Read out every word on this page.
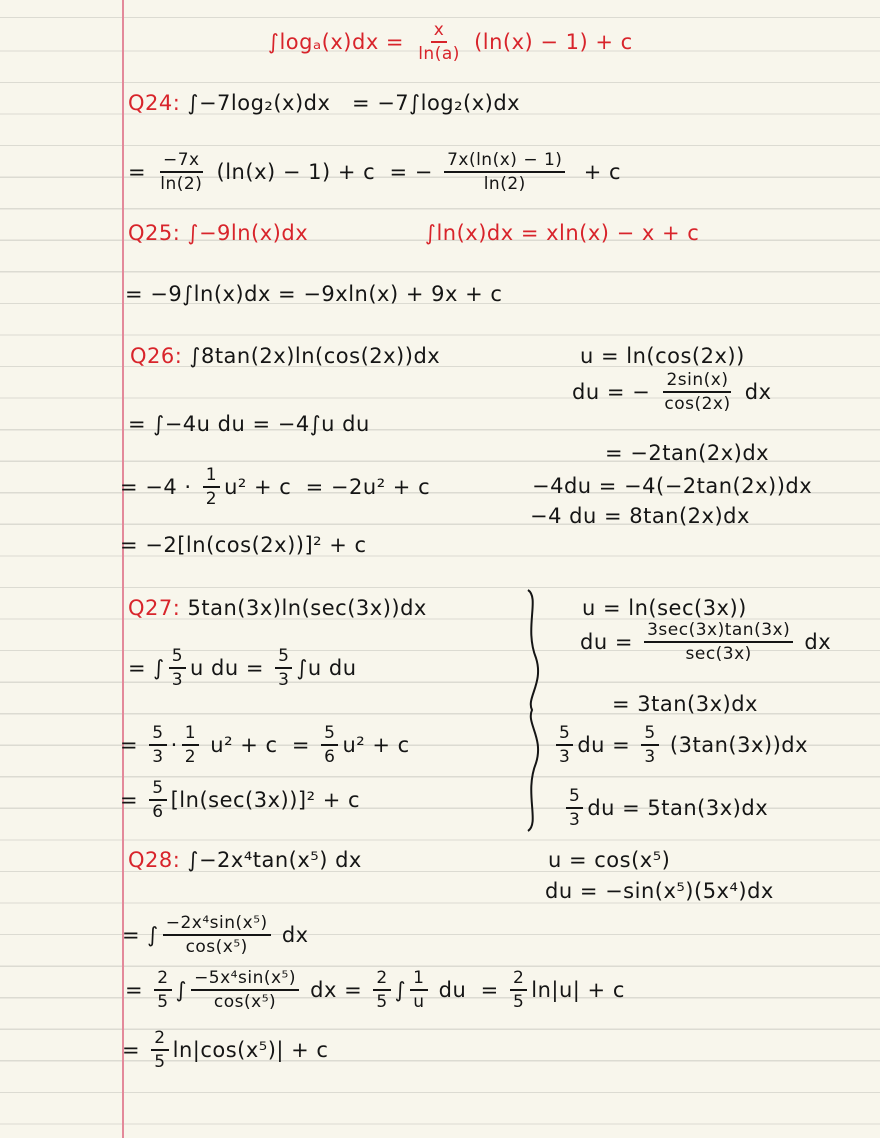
$\int\log_a(x)dx = \frac{x}{\ln(a)} (\ln(x) - 1) + c$
Q24: ∫−7log₂(x)dx   = −7∫log₂(x)dx
= $\frac{-7x}{\ln(2)} (\ln(x) - 1) + c$  = − $\frac{7x(\ln(x) - 1)}{\ln(2)} + c$
Q25: ∫−9ln(x)dx	∫ln(x)dx = xln(x) − x + c
= −9∫ln(x)dx = −9xln(x) + 9x + c
Q26: ∫8tan(2x)ln(cos(2x))dx	u = ln(cos(2x))
du = − $\frac{2\sin(x)}{\cos(2x)}$ dx
= ∫−4u du = −4∫u du
= −2tan(2x)dx
= $-4 \cdot \frac{1}{2} u^2 + c = -2u^2 + c$	−4du = −4(−2tan(2x))dx
−4 du = 8tan(2x)dx
= −2[ln(cos(2x))]² + c
Q27: 5tan(3x)ln(sec(3x))dx	u = ln(sec(3x))
du = $\frac{3\sec(3x)\tan(3x)}{\sec(3x)}$ dx
= ∫ $\frac{5}{3}$ u du = $\frac{5}{3} \int u$ du
= 3tan(3x)dx
= $\frac{5}{3} \cdot \frac{1}{2} u^2 + c = \frac{5}{6} u^2 + c$	$\frac{5}{3}$ du = $\frac{5}{3} (3\tan(3x))dx$
= $\frac{5}{6} [\ln(\sec(3x))]^2 + c$	$\frac{5}{3}$ du = 5tan(3x)dx
Q28: ∫−2x⁴tan(x⁵) dx	u = cos(x⁵)
du = −sin(x⁵)(5x⁴)dx
= ∫ $\frac{\text{−2x⁴sin(x⁵)}}{\text{cos(x⁵)}}$ dx
= $\frac{2}{5}$ ∫ $\frac{\text{−5x⁴sin(x⁵)}}{\text{cos(x⁵)}}$ dx = $\frac{2}{5}$ ∫ $\frac{1}{u}$ du  = $\frac{2}{5} \ln|u| + c$
= $\frac{2}{5} \ln|\cos(x^5)| + c$
